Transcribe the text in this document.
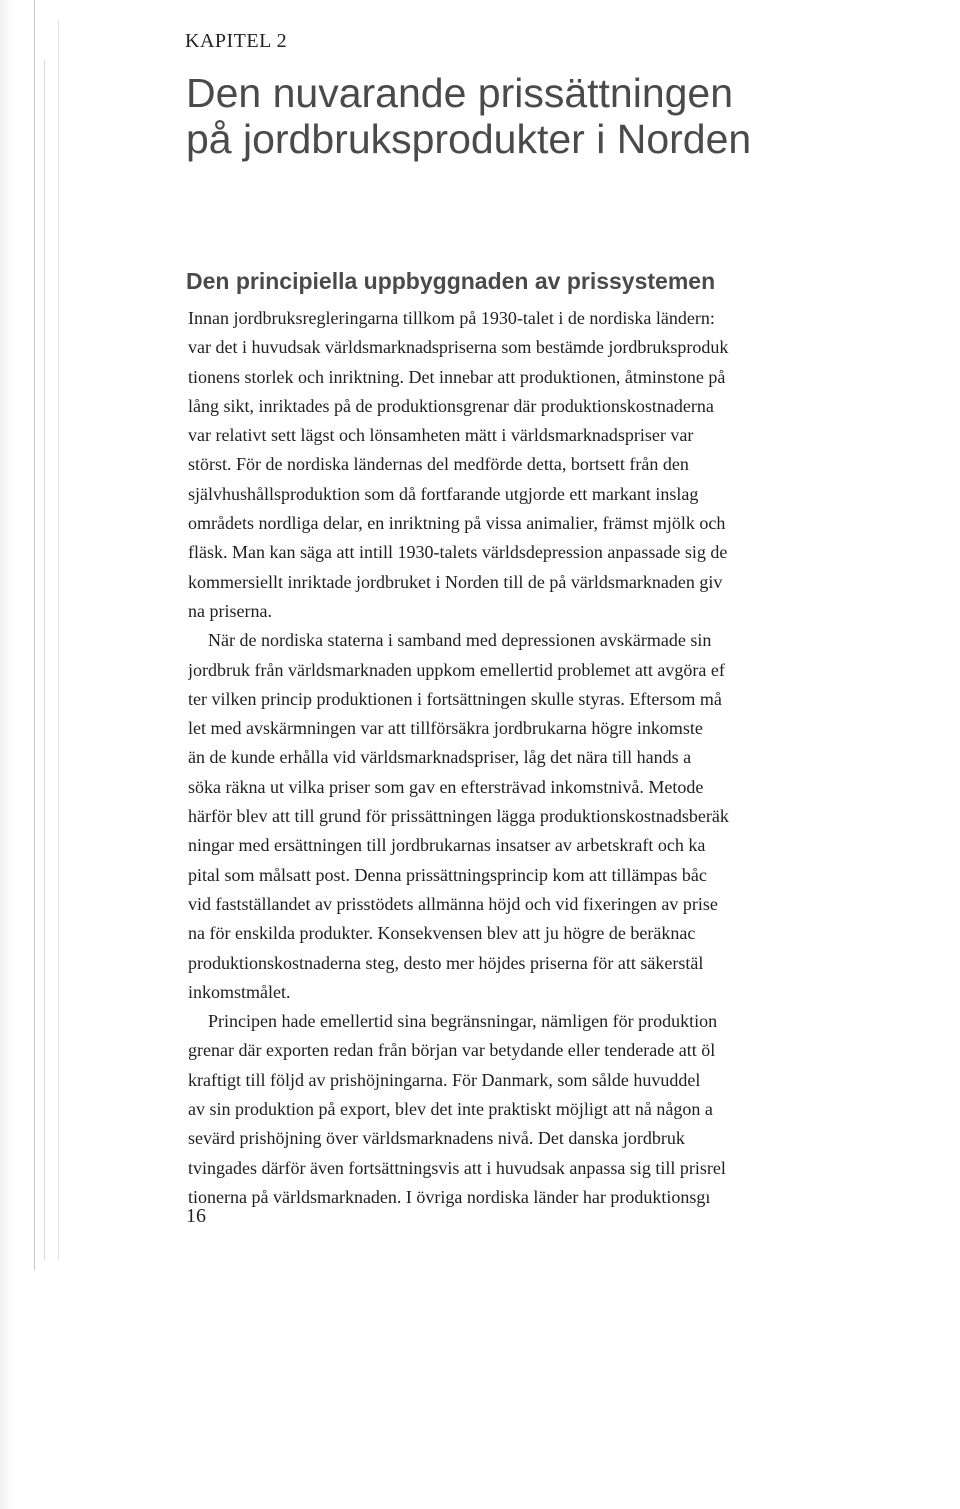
KAPITEL 2
Den nuvarande prissättningen
på jordbruksprodukter i Norden
Den principiella uppbyggnaden av prissystemen
Innan jordbruksregleringarna tillkom på 1930-talet i de nordiska ländern:
var det i huvudsak världsmarknadspriserna som bestämde jordbruksproduk
tionens storlek och inriktning. Det innebar att produktionen, åtminstone på
lång sikt, inriktades på de produktionsgrenar där produktionskostnaderna
var relativt sett lägst och lönsamheten mätt i världsmarknadspriser var
störst. För de nordiska ländernas del medförde detta, bortsett från den
självhushållsproduktion som då fortfarande utgjorde ett markant inslag
områdets nordliga delar, en inriktning på vissa animalier, främst mjölk och
fläsk. Man kan säga att intill 1930-talets världsdepression anpassade sig de
kommersiellt inriktade jordbruket i Norden till de på världsmarknaden giv
na priserna.
När de nordiska staterna i samband med depressionen avskärmade sin
jordbruk från världsmarknaden uppkom emellertid problemet att avgöra ef
ter vilken princip produktionen i fortsättningen skulle styras. Eftersom må
let med avskärmningen var att tillförsäkra jordbrukarna högre inkomste
än de kunde erhålla vid världsmarknadspriser, låg det nära till hands a
söka räkna ut vilka priser som gav en eftersträvad inkomstnivå. Metode
härför blev att till grund för prissättningen lägga produktionskostnadsberäk
ningar med ersättningen till jordbrukarnas insatser av arbetskraft och ka
pital som målsatt post. Denna prissättningsprincip kom att tillämpas båc
vid fastställandet av prisstödets allmänna höjd och vid fixeringen av prise
na för enskilda produkter. Konsekvensen blev att ju högre de beräknac
produktionskostnaderna steg, desto mer höjdes priserna för att säkerstäl
inkomstmålet.
Principen hade emellertid sina begränsningar, nämligen för produktion
grenar där exporten redan från början var betydande eller tenderade att öl
kraftigt till följd av prishöjningarna. För Danmark, som sålde huvuddel
av sin produktion på export, blev det inte praktiskt möjligt att nå någon a
sevärd prishöjning över världsmarknadens nivå. Det danska jordbruk
tvingades därför även fortsättningsvis att i huvudsak anpassa sig till prisrel
tionerna på världsmarknaden. I övriga nordiska länder har produktionsgı
16
